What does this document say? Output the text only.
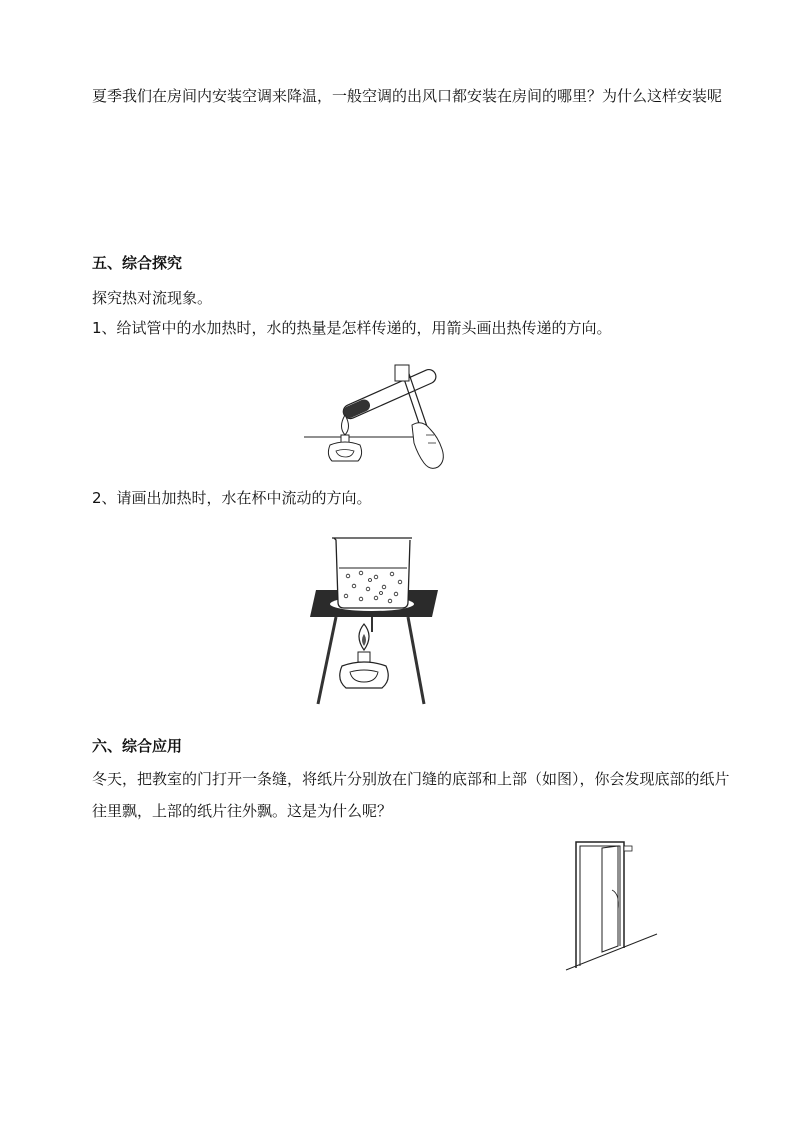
夏季我们在房间内安装空调来降温，一般空调的出风口都安装在房间的哪里？为什么这样安装呢

五、综合探究

探究热对流现象。

1、给试管中的水加热时，水的热量是怎样传递的，用箭头画出热传递的方向。

2、请画出加热时，水在杯中流动的方向。

六、综合应用

冬天，把教室的门打开一条缝，将纸片分别放在门缝的底部和上部（如图），你会发现底部的纸片往里飘，上部的纸片往外飘。这是为什么呢？
